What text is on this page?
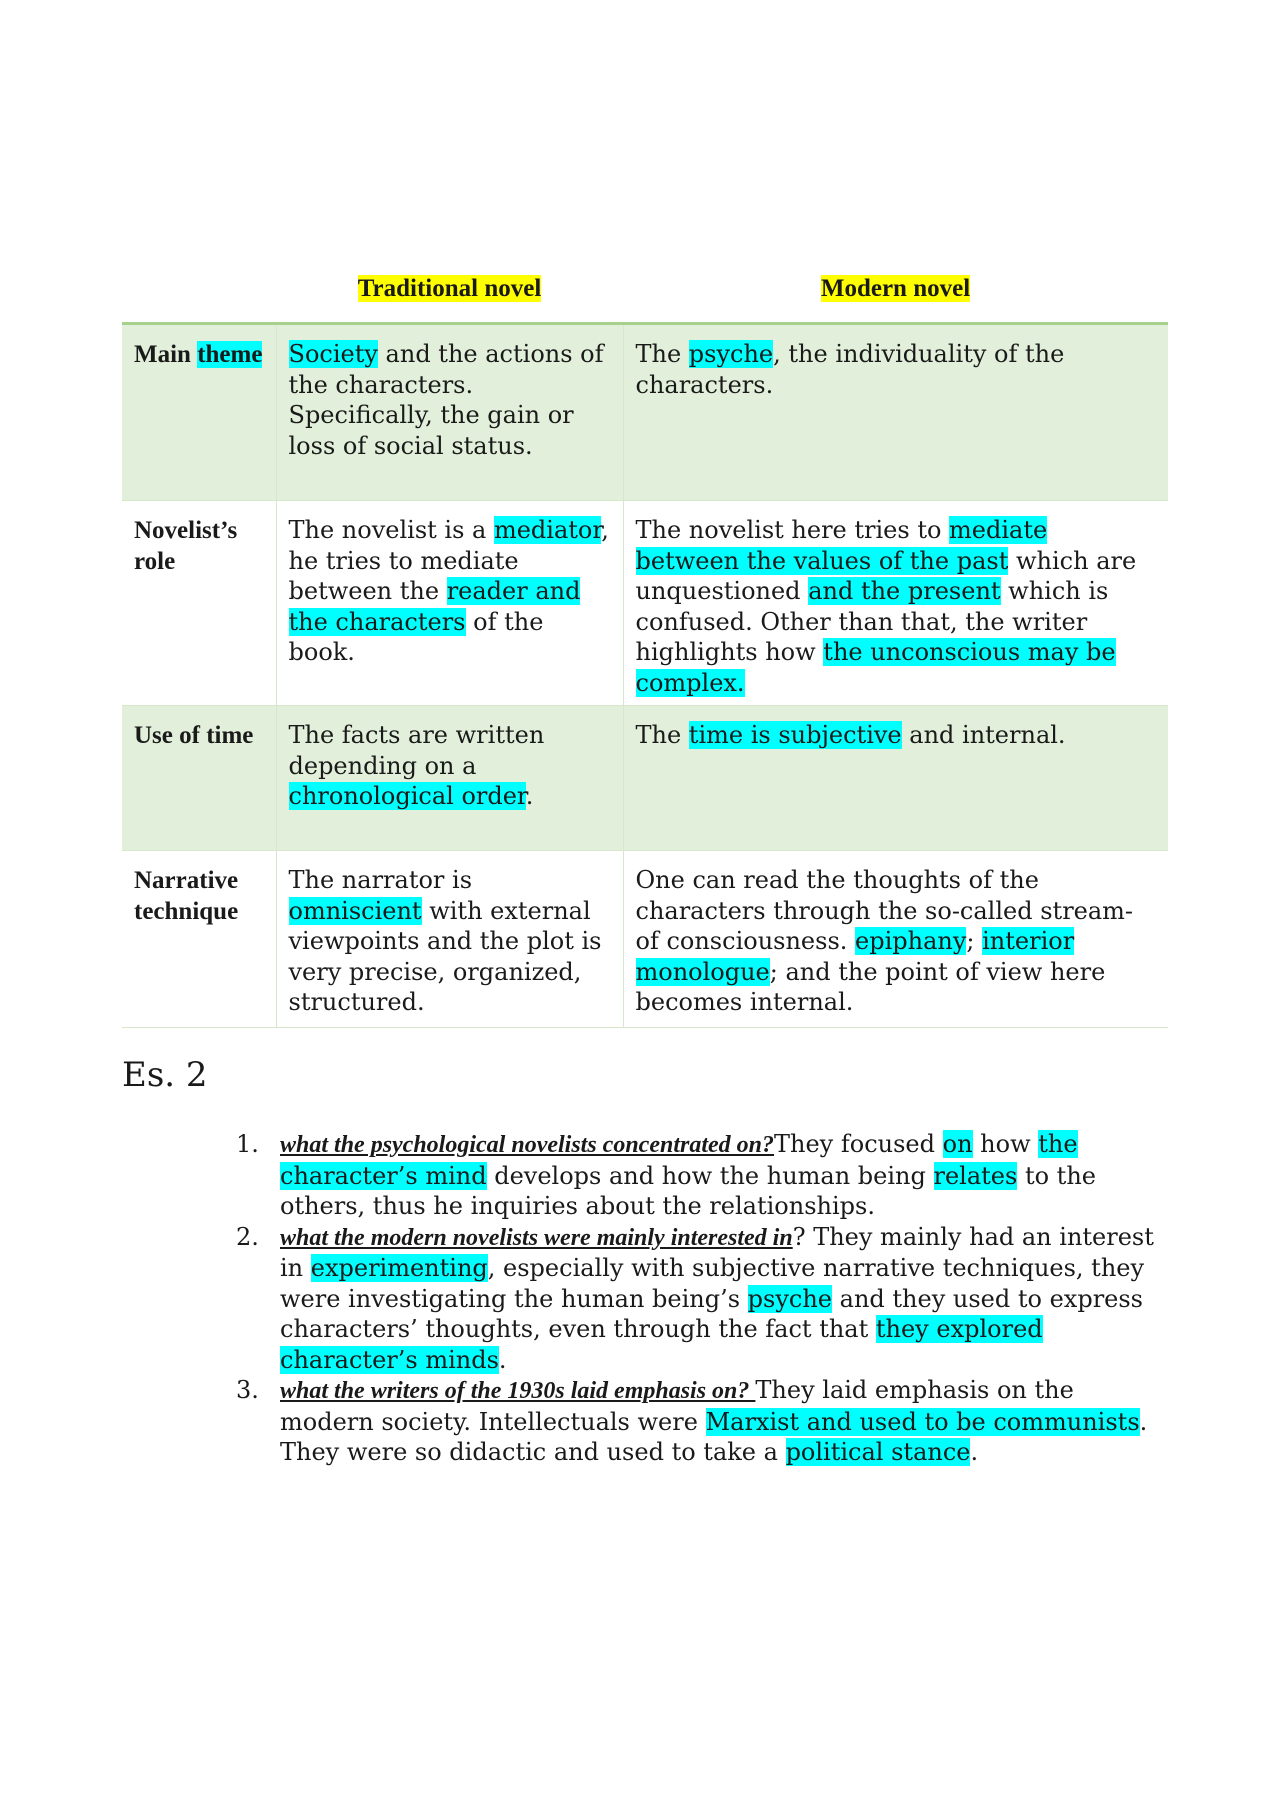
	Traditional novel	Modern novel
Main theme	Society and the actions of the characters. Specifically, the gain or loss of social status.	The psyche, the individuality of the characters.
Novelist’s role	The novelist is a mediator, he tries to mediate between the reader and the characters of the book.	The novelist here tries to mediate between the values of the past which are unquestioned and the present which is confused. Other than that, the writer highlights how the unconscious may be complex.
Use of time	The facts are written depending on a chronological order.	The time is subjective and internal.
Narrative technique	The narrator is omniscient with external viewpoints and the plot is very precise, organized, structured.	One can read the thoughts of the characters through the so-called stream-of consciousness. epiphany; interior monologue; and the point of view here becomes internal.
Es. 2
1. what the psychological novelists concentrated on?They focused on how the character’s mind develops and how the human being relates to the others, thus he inquiries about the relationships.
2. what the modern novelists were mainly interested in? They mainly had an interest in experimenting, especially with subjective narrative techniques, they were investigating the human being’s psyche and they used to express characters’ thoughts, even through the fact that they explored character’s minds.
3. what the writers of the 1930s laid emphasis on? They laid emphasis on the modern society. Intellectuals were Marxist and used to be communists. They were so didactic and used to take a political stance.
